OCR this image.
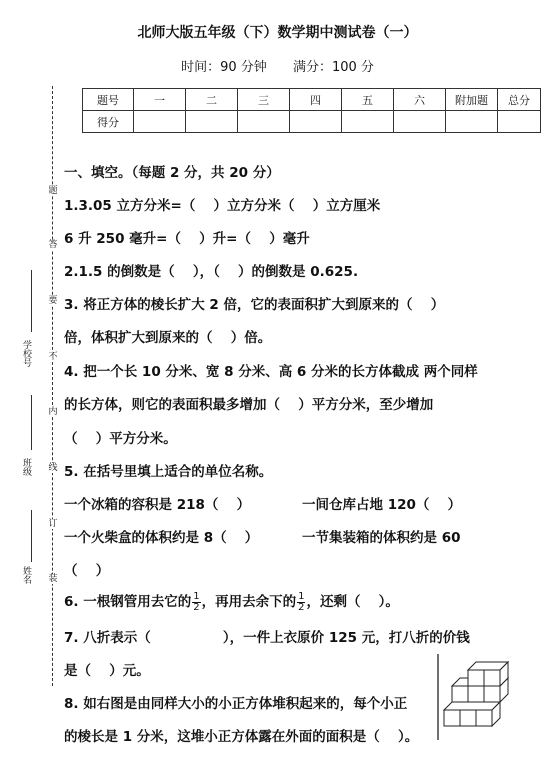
北师大版五年级（下）数学期中测试卷（一）
时间：90 分钟 满分：100 分
题号	一	二	三	四	五	六	附加题	总分
得分								
题
答
要
不
内
线
订
装
学校号
班级
姓名
一、填空。（每题 2 分，共 20 分）
1.3.05 立方分米=（　 ）立方分米（　 ）立方厘米
6 升 250 毫升=（　 ）升=（　 ）毫升
2.1.5 的倒数是（　 ），（　 ）的倒数是 0.625.
3. 将正方体的棱长扩大 2 倍，它的表面积扩大到原来的（　 ）
倍，体积扩大到原来的（　 ）倍。
4. 把一个长 10 分米、宽 8 分米、高 6 分米的长方体截成 两个同样
的长方体，则它的表面积最多增加（　 ）平方分米，至少增加
（　 ）平方分米。
5. 在括号里填上适合的单位名称。
一个冰箱的容积是 218（　 ）	一间仓库占地 120（　 ）
一个火柴盒的体积约是 8（　 ）	一节集装箱的体积约是 60
（　 ）
6. 一根钢管用去它的 $\frac{1}{2}$ ，再用去余下的 $\frac{1}{2}$ ，还剩（　 ）。
7. 八折表示（　　　　　 ），一件上衣原价 125 元，打八折的价钱
是（　 ）元。
8. 如右图是由同样大小的小正方体堆积起来的，每个小正
的棱长是 1 分米，这堆小正方体露在外面的面积是（　 ）。
